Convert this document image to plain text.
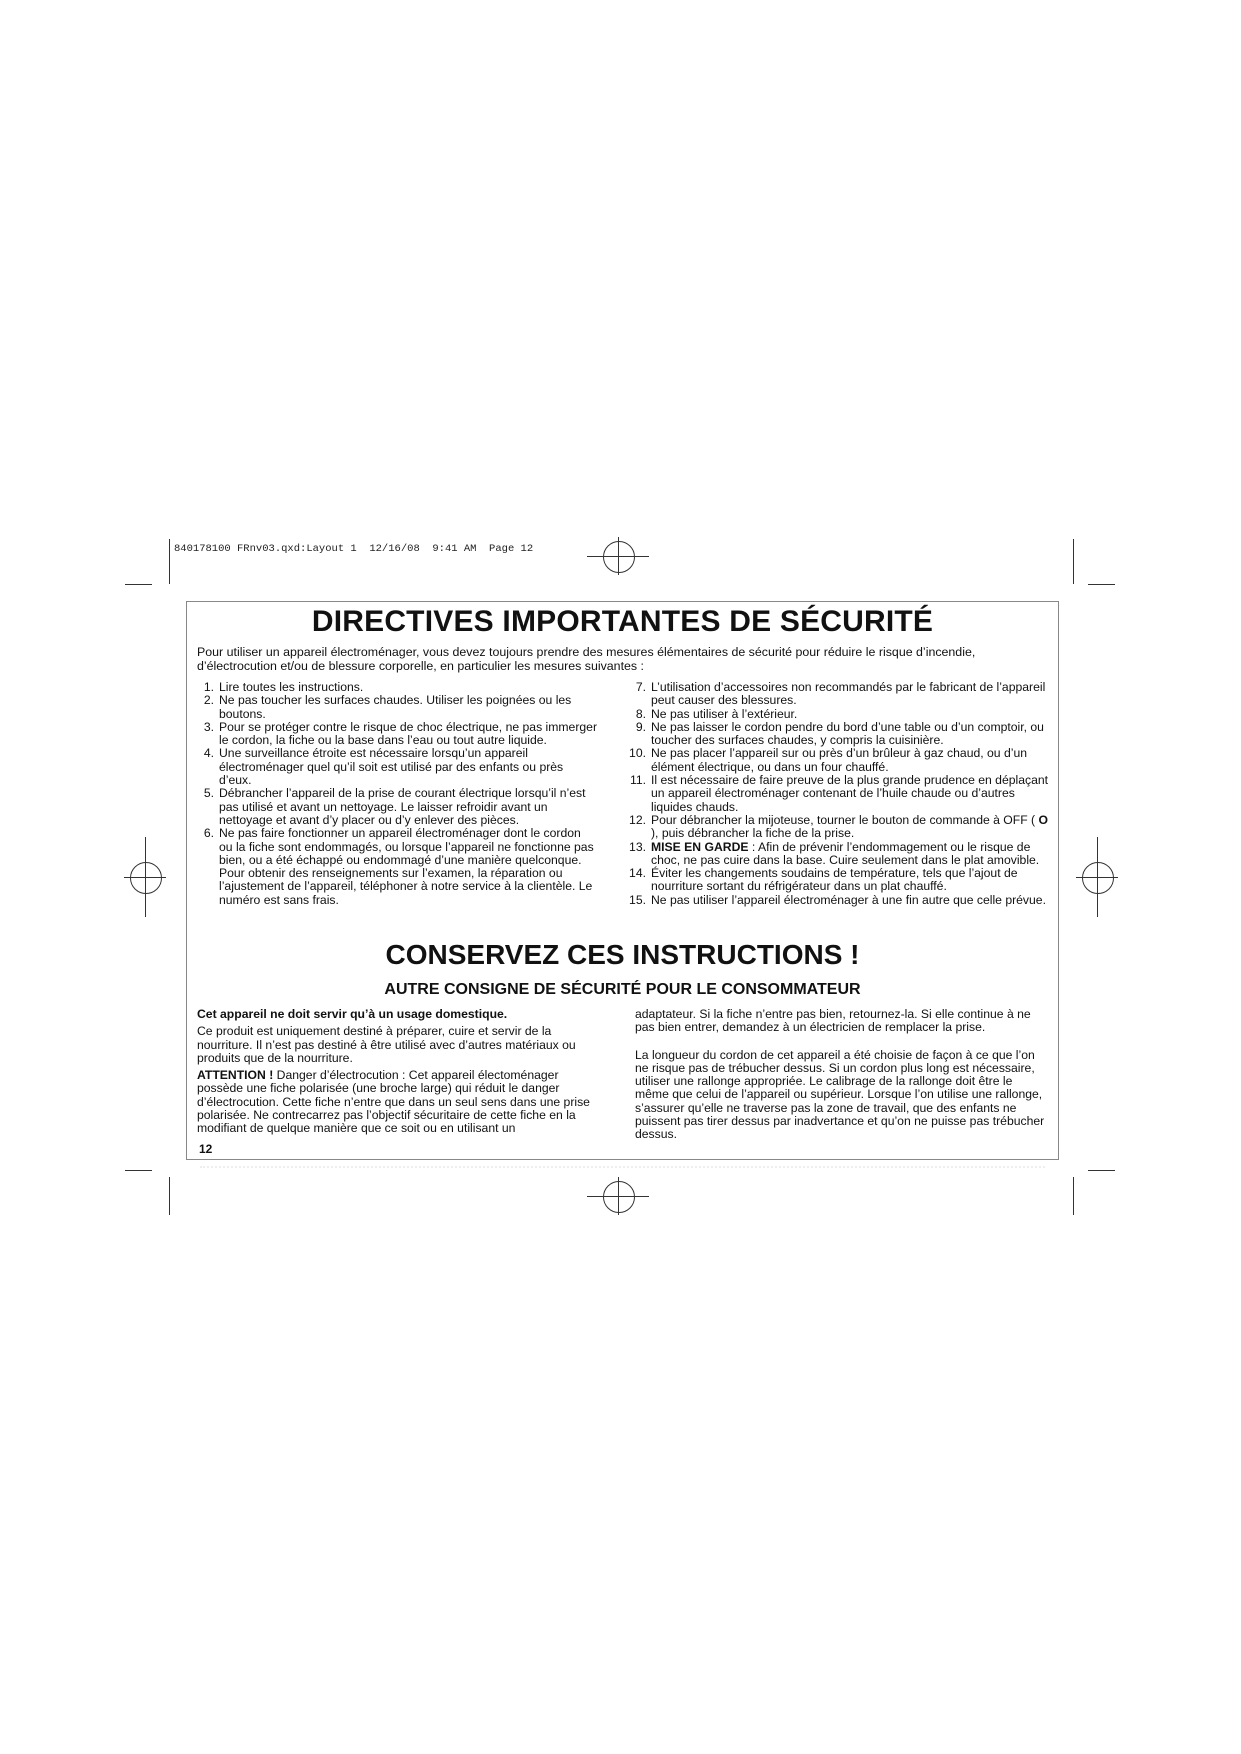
840178100 FRnv03.qxd:Layout 1  12/16/08  9:41 AM  Page 12
DIRECTIVES IMPORTANTES DE SÉCURITÉ
Pour utiliser un appareil électroménager, vous devez toujours prendre des mesures élémentaires de sécurité pour réduire le risque d’incendie, d’électrocution et/ou de blessure corporelle, en particulier les mesures suivantes :
1. Lire toutes les instructions.
2. Ne pas toucher les surfaces chaudes. Utiliser les poignées ou les boutons.
3. Pour se protéger contre le risque de choc électrique, ne pas immerger le cordon, la fiche ou la base dans l’eau ou tout autre liquide.
4. Une surveillance étroite est nécessaire lorsqu’un appareil électroménager quel qu’il soit est utilisé par des enfants ou près d’eux.
5. Débrancher l’appareil de la prise de courant électrique lorsqu’il n’est pas utilisé et avant un nettoyage. Le laisser refroidir avant un nettoyage et avant d’y placer ou d’y enlever des pièces.
6. Ne pas faire fonctionner un appareil électroménager dont le cordon ou la fiche sont endommagés, ou lorsque l’appareil ne fonctionne pas bien, ou a été échappé ou endommagé d’une manière quelconque. Pour obtenir des renseignements sur l’examen, la réparation ou l’ajustement de l’appareil, téléphoner à notre service à la clientèle. Le numéro est sans frais.
7. L’utilisation d’accessoires non recommandés par le fabricant de l’appareil peut causer des blessures.
8. Ne pas utiliser à l’extérieur.
9. Ne pas laisser le cordon pendre du bord d’une table ou d’un comptoir, ou toucher des surfaces chaudes, y compris la cuisinière.
10. Ne pas placer l’appareil sur ou près d’un brûleur à gaz chaud, ou d’un élément électrique, ou dans un four chauffé.
11. Il est nécessaire de faire preuve de la plus grande prudence en déplaçant un appareil électroménager contenant de l’huile chaude ou d’autres liquides chauds.
12. Pour débrancher la mijoteuse, tourner le bouton de commande à OFF ( O ), puis débrancher la fiche de la prise.
13. MISE EN GARDE : Afin de prévenir l’endommagement ou le risque de choc, ne pas cuire dans la base. Cuire seulement dans le plat amovible.
14. Éviter les changements soudains de température, tels que l’ajout de nourriture sortant du réfrigérateur dans un plat chauffé.
15. Ne pas utiliser l’appareil électroménager à une fin autre que celle prévue.
CONSERVEZ CES INSTRUCTIONS !
AUTRE CONSIGNE DE SÉCURITÉ POUR LE CONSOMMATEUR

Cet appareil ne doit servir qu’à un usage domestique.

Ce produit est uniquement destiné à préparer, cuire et servir de la nourriture. Il n’est pas destiné à être utilisé avec d’autres matériaux ou produits que de la nourriture.

ATTENTION ! Danger d’électrocution : Cet appareil électoménager possède une fiche polarisée (une broche large) qui réduit le danger d’électrocution. Cette fiche n’entre que dans un seul sens dans une prise polarisée. Ne contrecarrez pas l’objectif sécuritaire de cette fiche en la modifiant de quelque manière que ce soit ou en utilisant un

adaptateur. Si la fiche n’entre pas bien, retournez-la. Si elle continue à ne pas bien entrer, demandez à un électricien de remplacer la prise.

La longueur du cordon de cet appareil a été choisie de façon à ce que l’on ne risque pas de trébucher dessus. Si un cordon plus long est nécessaire, utiliser une rallonge appropriée. Le calibrage de la rallonge doit être le même que celui de l’appareil ou supérieur. Lorsque l’on utilise une rallonge, s’assurer qu’elle ne traverse pas la zone de travail, que des enfants ne puissent pas tirer dessus par inadvertance et qu’on ne puisse pas trébucher dessus.

12
